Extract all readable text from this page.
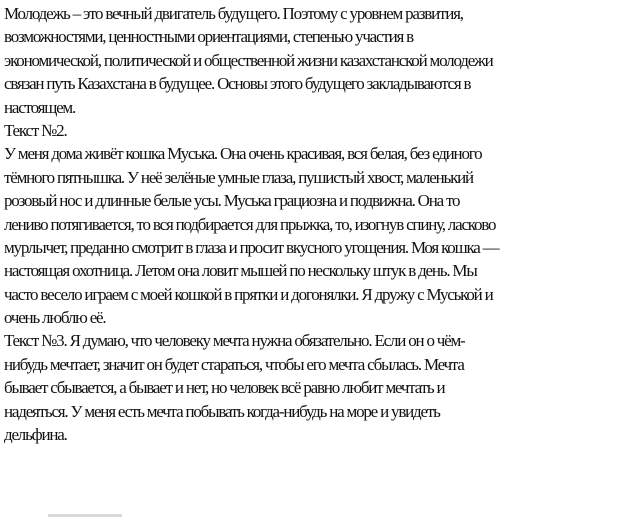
Молодежь – это вечный двигатель будущего. Поэтому с уровнем развития,
возможностями, ценностными ориентациями, степенью участия в
экономической, политической и общественной жизни казахстанской молодежи
связан путь Казахстана в будущее. Основы этого будущего закладываются в
настоящем.
Текст №2.
У меня дома живёт кошка Муська. Она очень красивая, вся белая, без единого
тёмного пятнышка. У неё зелёные умные глаза, пушистый хвост, маленький
розовый нос и длинные белые усы. Муська грациозна и подвижна. Она то
лениво потягивается, то вся подбирается для прыжка, то, изогнув спину, ласково
мурлычет, преданно смотрит в глаза и просит вкусного угощения. Моя кошка —
настоящая охотница. Летом она ловит мышей по нескольку штук в день. Мы
часто весело играем с моей кошкой в прятки и догонялки. Я дружу с Муськой и
очень люблю её.
Текст №3. Я думаю, что человеку мечта нужна обязательно. Если он о чём-
нибудь мечтает, значит он будет стараться, чтобы его мечта сбылась. Мечта
бывает сбывается, а бывает и нет, но человек всё равно любит мечтать и
надеяться. У меня есть мечта побывать когда-нибудь на море и увидеть
дельфина.
